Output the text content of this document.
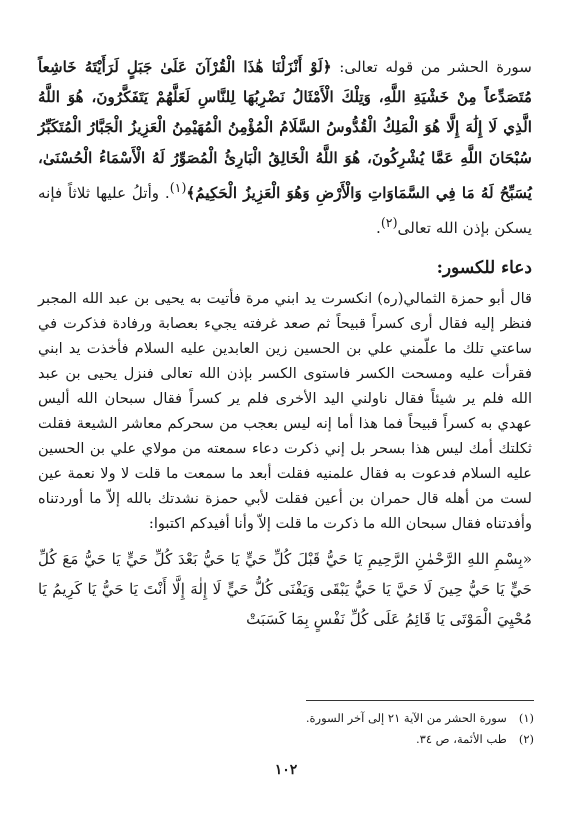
سورة الحشر من قوله تعالى: ﴿لَوْ أَنْزَلْنَا هَٰذَا الْقُرْآنَ عَلَىٰ جَبَلٍ لَرَأَيْتَهُ خَاشِعاً مُتَصَدِّعاً مِنْ خَشْيَةِ اللَّهِ، وَتِلْكَ الْأَمْثَالُ نَضْرِبُهَا لِلنَّاسِ لَعَلَّهُمْ يَتَفَكَّرُونَ، هُوَ اللَّهُ الَّذِي لَا إِلَٰهَ إِلَّا هُوَ الْمَلِكُ الْقُدُّوسُ السَّلَامُ الْمُؤْمِنُ الْمُهَيْمِنُ الْعَزِيزُ الْجَبَّارُ الْمُتَكَبِّرُ سُبْحَانَ اللَّهِ عَمَّا يُشْرِكُونَ، هُوَ اللَّهُ الْخَالِقُ الْبَارِئُ الْمُصَوِّرُ لَهُ الْأَسْمَاءُ الْحُسْنَىٰ، يُسَبِّحُ لَهُ مَا فِي السَّمَاوَاتِ وَالْأَرْضِ وَهُوَ الْعَزِيزُ الْحَكِيمُ﴾$^{(١)}$. وأتلُ عليها ثلاثاً فإنه يسكن بإذن الله تعالى$^{(٢)}$.

دعاء للكسور:

قال أبو حمزة الثمالي(ره) انكسرت يد ابني مرة فأتيت به يحيى بن عبد الله المجبر فنظر إليه فقال أرى كسراً قبيحاً ثم صعد غرفته يجيء بعصابة ورفادة فذكرت في ساعتي تلك ما علّمني علي بن الحسين زين العابدين عليه السلام فأخذت يد ابني فقرأت عليه ومسحت الكسر فاستوى الكسر بإذن الله تعالى فنزل يحيى بن عبد الله فلم ير شيئاً فقال ناولني اليد الأخرى فلم ير كسراً فقال سبحان الله أليس عهدي به كسراً قبيحاً فما هذا أما إنه ليس بعجب من سحركم معاشر الشيعة فقلت ثكلتك أمك ليس هذا بسحر بل إني ذكرت دعاء سمعته من مولاي علي بن الحسين عليه السلام فدعوت به فقال علمنيه فقلت أبعد ما سمعت ما قلت لا ولا نعمة عين لست من أهله قال حمران بن أعين فقلت لأبي حمزة نشدتك بالله إلاّ ما أوردتناه وأفدتناه فقال سبحان الله ما ذكرت ما قلت إلاّ وأنا أفيدكم اكتبوا:

«بِسْمِ اللهِ الرَّحْمٰنِ الرَّحِيمِ يَا حَيُّ قَبْلَ كُلِّ حَيٍّ يَا حَيُّ بَعْدَ كُلِّ حَيٍّ يَا حَيُّ مَعَ كُلِّ حَيٍّ يَا حَيُّ حِينَ لَا حَيَّ يَا حَيُّ يَبْقَى وَيَفْنَى كُلُّ حَيٍّ لَا إِلٰهَ إِلَّا أَنْتَ يَا حَيُّ يَا كَرِيمُ يَا مُحْيِيَ الْمَوْتَى يَا قَائِمُ عَلَى كُلِّ نَفْسٍ بِمَا كَسَبَتْ

(١)سورة الحشر من الآية ٢١ إلى آخر السورة.
(٢)طب الأئمة، ص ٣٤.
١٠٢
